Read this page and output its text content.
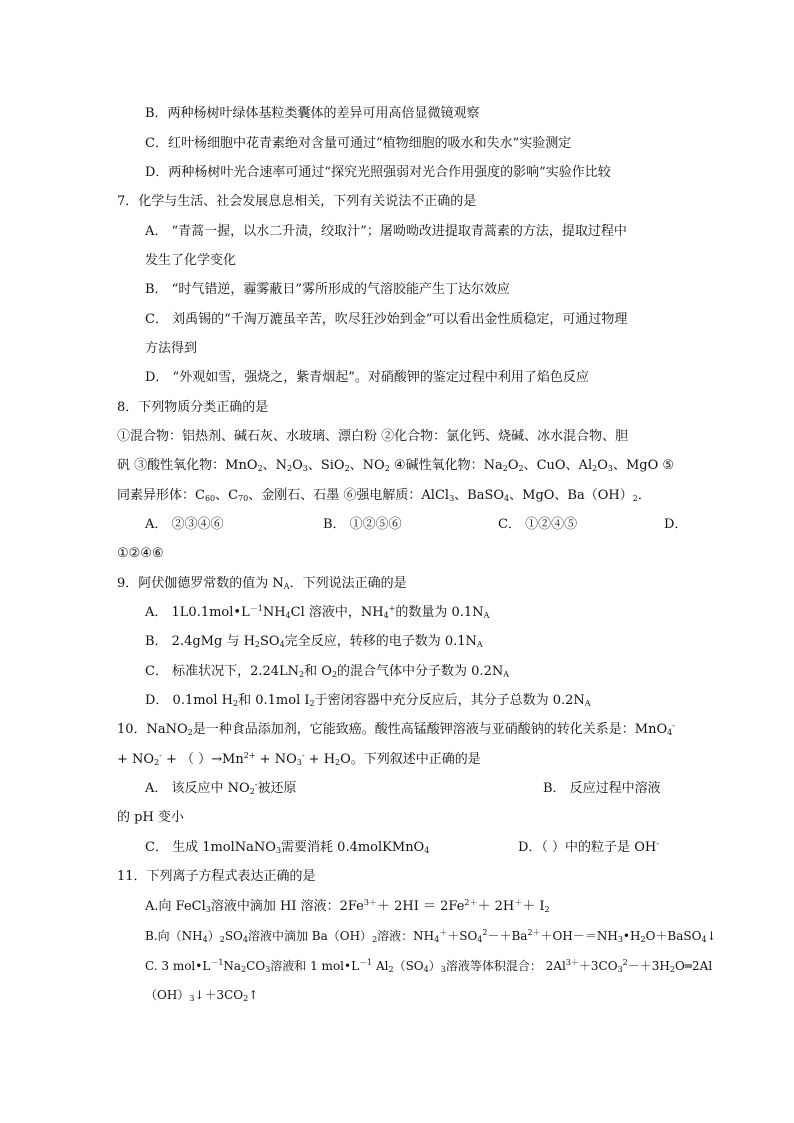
B．两种杨树叶绿体基粒类囊体的差异可用高倍显微镜观察
C．红叶杨细胞中花青素绝对含量可通过“植物细胞的吸水和失水”实验测定
D．两种杨树叶光合速率可通过“探究光照强弱对光合作用强度的影响”实验作比较
7．化学与生活、社会发展息息相关，下列有关说法不正确的是
A． “青蒿一握，以水二升渍，绞取汁”；屠呦呦改进提取青蒿素的方法，提取过程中
发生了化学变化
B． “时气错逆，霾雾蔽日”雾所形成的气溶胶能产生丁达尔效应
C． 刘禹锡的“千淘万漉虽辛苦，吹尽狂沙始到金”可以看出金性质稳定，可通过物理
方法得到
D． “外观如雪，强烧之，紫青烟起”。对硝酸钾的鉴定过程中利用了焰色反应
8．下列物质分类正确的是
①混合物：铝热剂、碱石灰、水玻璃、漂白粉 ②化合物：氯化钙、烧碱、冰水混合物、胆
矾 ③酸性氧化物：MnO$_2$、$N_2O_3$、SiO$_2$、$NO_2$ ④碱性氧化物：$Na_2O_2$、CuO、$Al_2O_3$、MgO ⑤
同素异形体：$C_{60}$、$C_{70}$、金刚石、石墨 ⑥强电解质：AlCl$_3$、BaSO$_4$、MgO、$Ba(OH)_2$．
A． ②③④⑥	B． ①②⑤⑥	C． ①②④⑤	D．
①②④⑥
9．阿伏伽德罗常数的值为 $N_A$．下列说法正确的是
A． $1L0.1mol•L^{-1}NH_4Cl$ 溶液中，$NH_4^+$的数量为 $0.1N_A$
B． 2.4gMg 与 $H_2SO_4$完全反应，转移的电子数为 $0.1N_A$
C． 标准状况下，$2.24LN_2$和 $O_2$的混合气体中分子数为 $0.2N_A$
D． 0.1mol $H_2$和 0.1mol $I_2$于密闭容器中充分反应后，其分子总数为 $0.2N_A$
10．NaNO$_2$是一种食品添加剂，它能致癌。酸性高锰酸钾溶液与亚硝酸钠的转化关系是：MnO$_4$-
+ $NO_2^-$ + （ ）$\to Mn^{2+} + NO_3^- + H_2O$。下列叙述中正确的是
A． 该反应中 $NO_2^-$被还原	B． 反应过程中溶液
的 pH 变小
C． 生成 1molNaNO$_3$需要消耗 0.4molKMnO$_4$	D．（ ）中的粒子是 OH-
11．下列离子方程式表达正确的是
A.向 FeCl$_3$溶液中滴加 HI 溶液：$2Fe^{3+}+ 2HI = 2Fe^{2+}+ 2H^++ I_2$
B.向$(NH_4)_2SO_4$溶液中滴加 $Ba(OH)_2$溶液：$NH_4^++SO_4^2-+Ba^{2+}+OH-=NH_3•H_2O+BaSO_4↓$
C. 3 $mol•L^{-1}Na_2CO_3$溶液和 1 $mol•L^{-1}$ $Al_2(SO_4)_3$溶液等体积混合： $2Al^{3+}+3CO_3^2-+3H_2O═2Al$
$(OH)_3↓+3CO_2↑$
